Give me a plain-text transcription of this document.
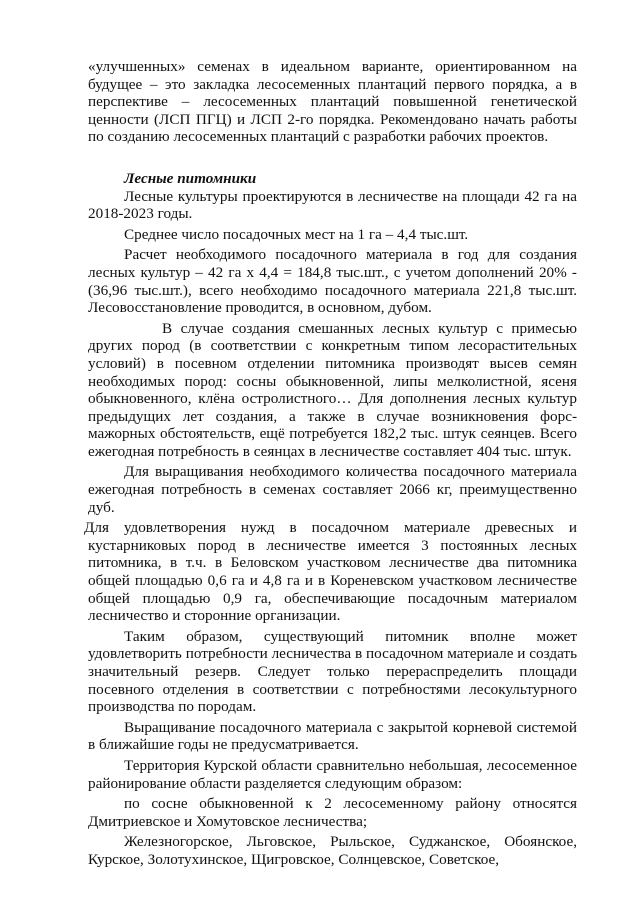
«улучшенных» семенах в идеальном варианте, ориентированном на будущее – это закладка лесосеменных плантаций первого порядка, а в перспективе – лесосеменных плантаций повышенной генетической ценности (ЛСП ПГЦ) и ЛСП 2-го порядка. Рекомендовано начать работы по созданию лесосеменных плантаций с разработки рабочих проектов.

Лесные питомники

Лесные культуры проектируются в лесничестве на площади 42 га на 2018-2023 годы.

Среднее число посадочных мест на 1 га – 4,4 тыс.шт.

Расчет необходимого посадочного материала в год для создания лесных культур – 42 га х 4,4 = 184,8 тыс.шт., с учетом дополнений 20% - (36,96 тыс.шт.), всего необходимо посадочного материала 221,8 тыс.шт. Лесовосстановление проводится, в основном, дубом.

В случае создания смешанных лесных культур с примесью других пород (в соответствии с конкретным типом лесорастительных условий) в посевном отделении питомника производят высев семян необходимых пород: сосны обыкновенной, липы мелколистной, ясеня обыкновенного, клёна остролистного… Для дополнения лесных культур предыдущих лет создания, а также в случае возникновения форс-мажорных обстоятельств, ещё потребуется 182,2 тыс. штук сеянцев. Всего ежегодная потребность в сеянцах в лесничестве составляет 404 тыс. штук.

Для выращивания необходимого количества посадочного материала ежегодная потребность в семенах составляет 2066 кг, преимущественно дуб.

Для удовлетворения нужд в посадочном материале древесных и кустарниковых пород в лесничестве имеется 3 постоянных лесных питомника, в т.ч. в Беловском участковом лесничестве два питомника общей площадью 0,6 га и 4,8 га и в Кореневском участковом лесничестве общей площадью 0,9 га, обеспечивающие посадочным материалом лесничество и сторонние организации.

Таким образом, существующий питомник вполне может удовлетворить потребности лесничества в посадочном материале и создать значительный резерв. Следует только перераспределить площади посевного отделения в соответствии с потребностями лесокультурного производства по породам.

Выращивание посадочного материала с закрытой корневой системой в ближайшие годы не предусматривается.

Территория Курской области сравнительно небольшая, лесосеменное районирование области разделяется следующим образом:

по сосне обыкновенной к 2 лесосеменному району относятся Дмитриевское и Хомутовское лесничества;

Железногорское, Льговское, Рыльское, Суджанское, Обоянское, Курское, Золотухинское, Щигровское, Солнцевское, Советское,
